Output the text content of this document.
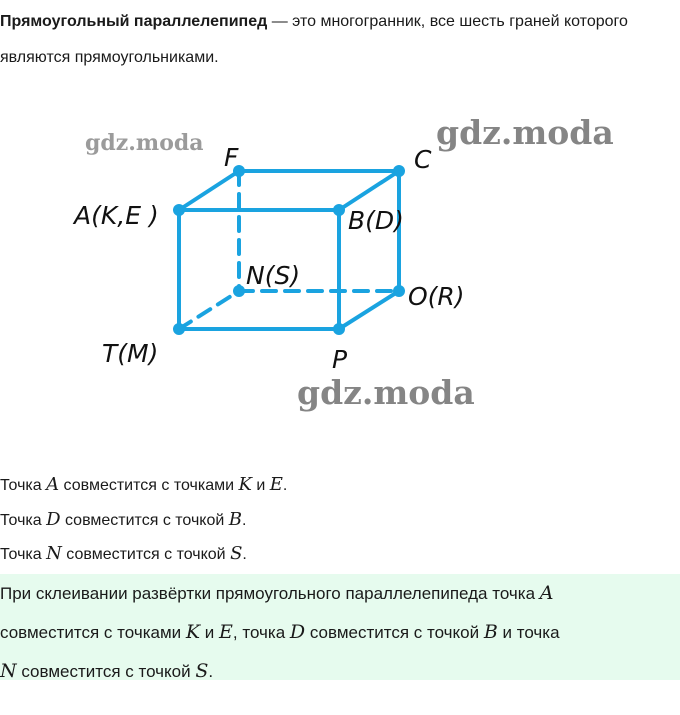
Прямоугольный параллелепипед — это многогранник, все шесть граней которого являются прямоугольниками.
gdz.moda	gdz.moda
gdz.moda
F	C
A(K,E )	B(D)
N(S)
O(R)
T(M)	P

Точка A совместится с точками K и E.

Точка D совместится с точкой B.

Точка N совместится с точкой S.

При склеивании развёртки прямоугольного параллелепипеда точка A

совместится с точками K и E, точка D совместится с точкой B и точка

N совместится с точкой S.
